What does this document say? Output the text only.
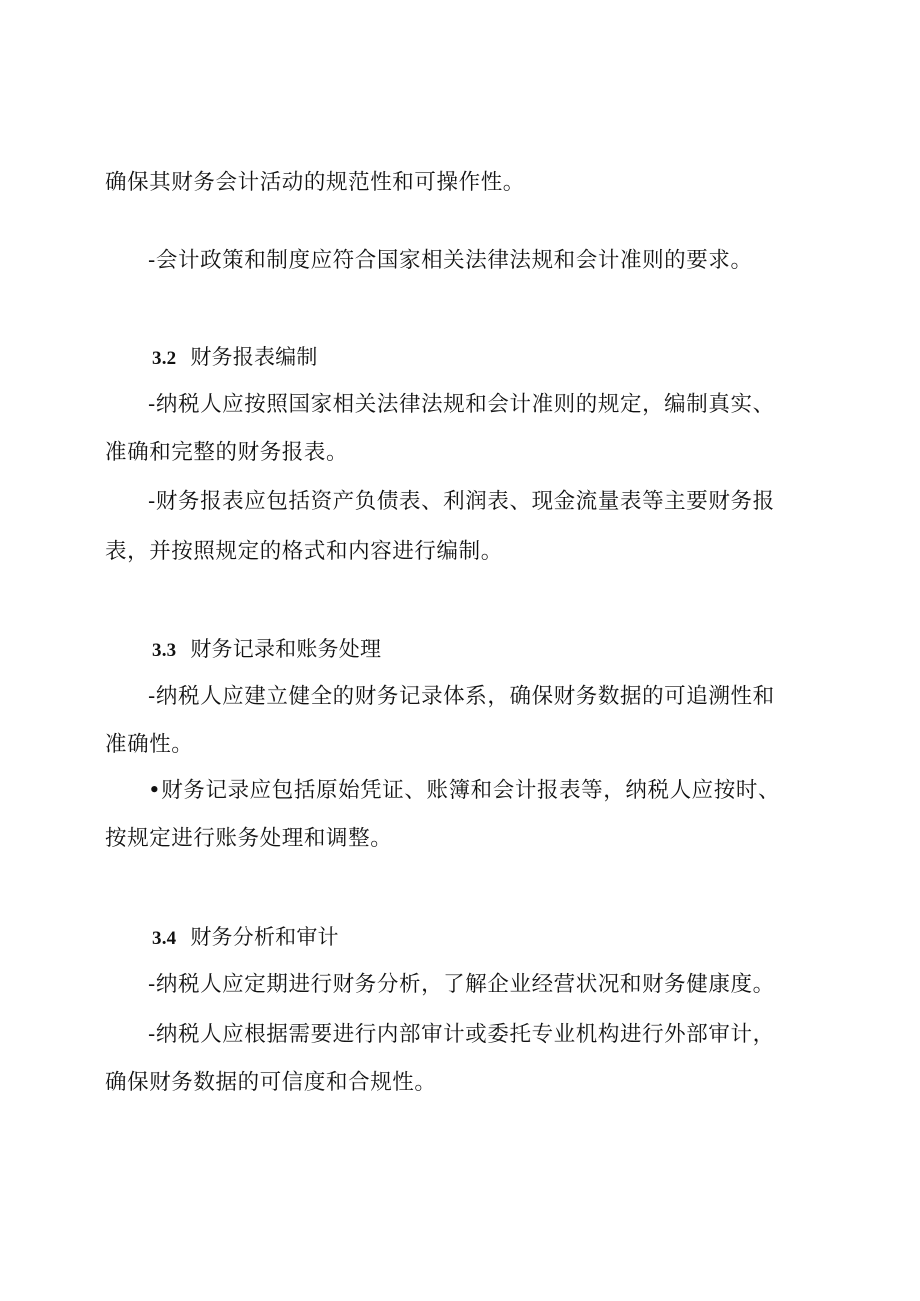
确保其财务会计活动的规范性和可操作性。
-会计政策和制度应符合国家相关法律法规和会计准则的要求。
3.2 财务报表编制
-纳税人应按照国家相关法律法规和会计准则的规定，编制真实、
准确和完整的财务报表。
-财务报表应包括资产负债表、利润表、现金流量表等主要财务报
表，并按照规定的格式和内容进行编制。
3.3 财务记录和账务处理
-纳税人应建立健全的财务记录体系，确保财务数据的可追溯性和
准确性。
•财务记录应包括原始凭证、账簿和会计报表等，纳税人应按时、
按规定进行账务处理和调整。
3.4 财务分析和审计
-纳税人应定期进行财务分析，了解企业经营状况和财务健康度。
-纳税人应根据需要进行内部审计或委托专业机构进行外部审计，
确保财务数据的可信度和合规性。
